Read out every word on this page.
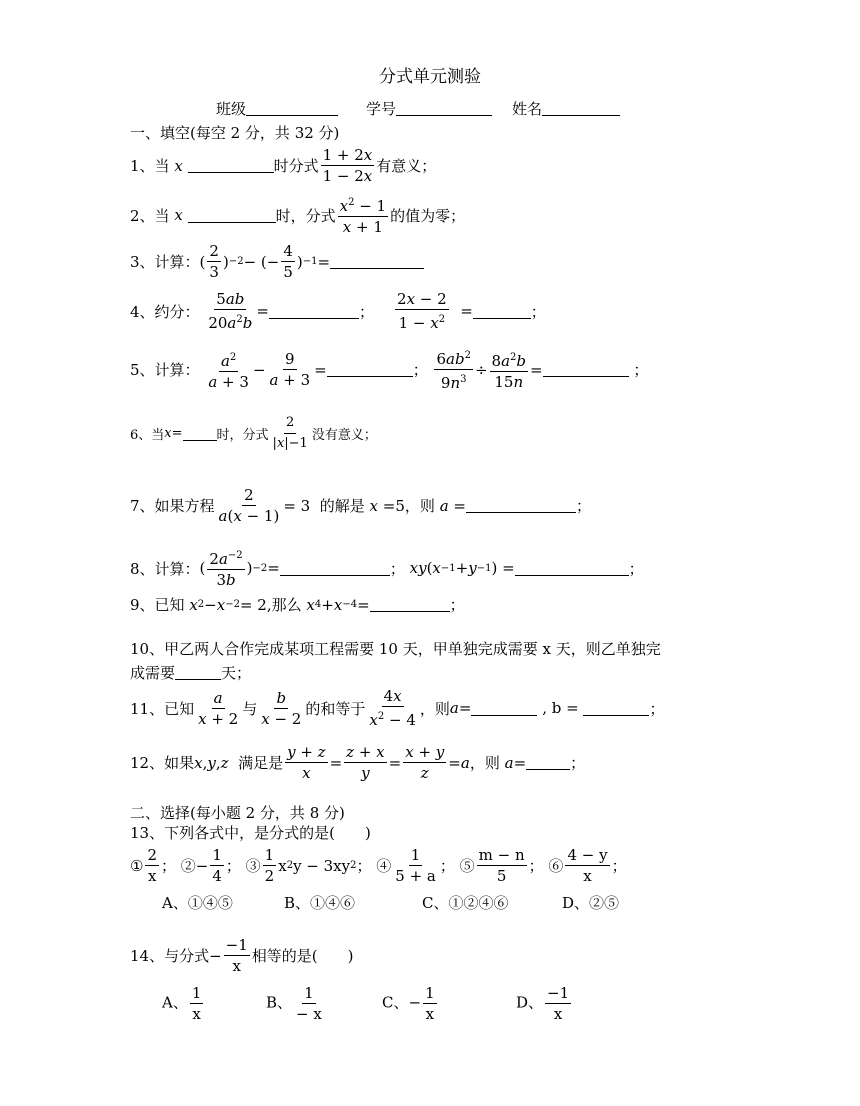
分式单元测验
班级	学号	姓名
一、填空(每空 2 分，共 32 分)
1、当
x
	时分式 $\frac{1 + 2x}{1 - 2x}$ 有意义；
2、当
x
	时，分式 $\frac{x^2 - 1}{x + 1}$ 的值为零；
3、计算： ( $\frac{2}{3}$ ) −2 − (− $\frac{4}{5}$ ) −1 =
4、约分：
$\frac{5ab}{20a^2b}$ =	； $\frac{2x - 2}{1 - x^2}$ =	；
5、计算：
$\frac{a^2}{a + 3} - \frac{9}{a + 3}$ =	； $\frac{6ab^2}{9n^3} \div \frac{8a^2b}{15n}$ =	；
6、当 x =	时，分式 $\frac{2}{|x|-1}$ 没有意义；
7、如果方程 $\frac{2}{a(x - 1)} = 3$ 的解是
x
=5，则
a =	；
8、计算： ( $\frac{2a^{-2}}{3b}$ ) −2 =	； xy ( x −1 + y −1 ) =	；
9、已知
x 2 − x −2 = 2 ,那么
x 4 + x −4 =	；
10、甲乙两人合作完成某项工程需要 10 天，甲单独完成需要 x 天，则乙单独完
成需要	天；
11、已知 $\frac{a}{x + 2}$ 与 $\frac{b}{x - 2}$ 的和等于 $\frac{4x}{x^2 - 4}$ ，则 a =	, b =	；
12、如果 x , y , z
满足是 $\frac{y + z}{x} = \frac{z + x}{y} = \frac{x + y}{z} = a$ ，则
a =	；
二、选择(每小题 2 分，共 8 分)
13、下列各式中，是分式的是(　　)
① $\frac{2}{x}$ ； ②− $\frac{1}{4}$ ； ③ $\frac{1}{2}$ x 2 y − 3xy 2 ； ④ $\frac{1}{5 + a}$ ； ⑤ $\frac{m - n}{5}$ ； ⑥ $\frac{4 - y}{x}$ ；
A、①④⑤	B、①④⑥	C、①②④⑥	D、②⑤
14、与分式 − $\frac{-1}{x}$ 相等的是(　　)
A、 $\frac{1}{x}$	B、 $\frac{1}{- x}$	C、− $\frac{1}{x}$	D、 $\frac{-1}{x}$
